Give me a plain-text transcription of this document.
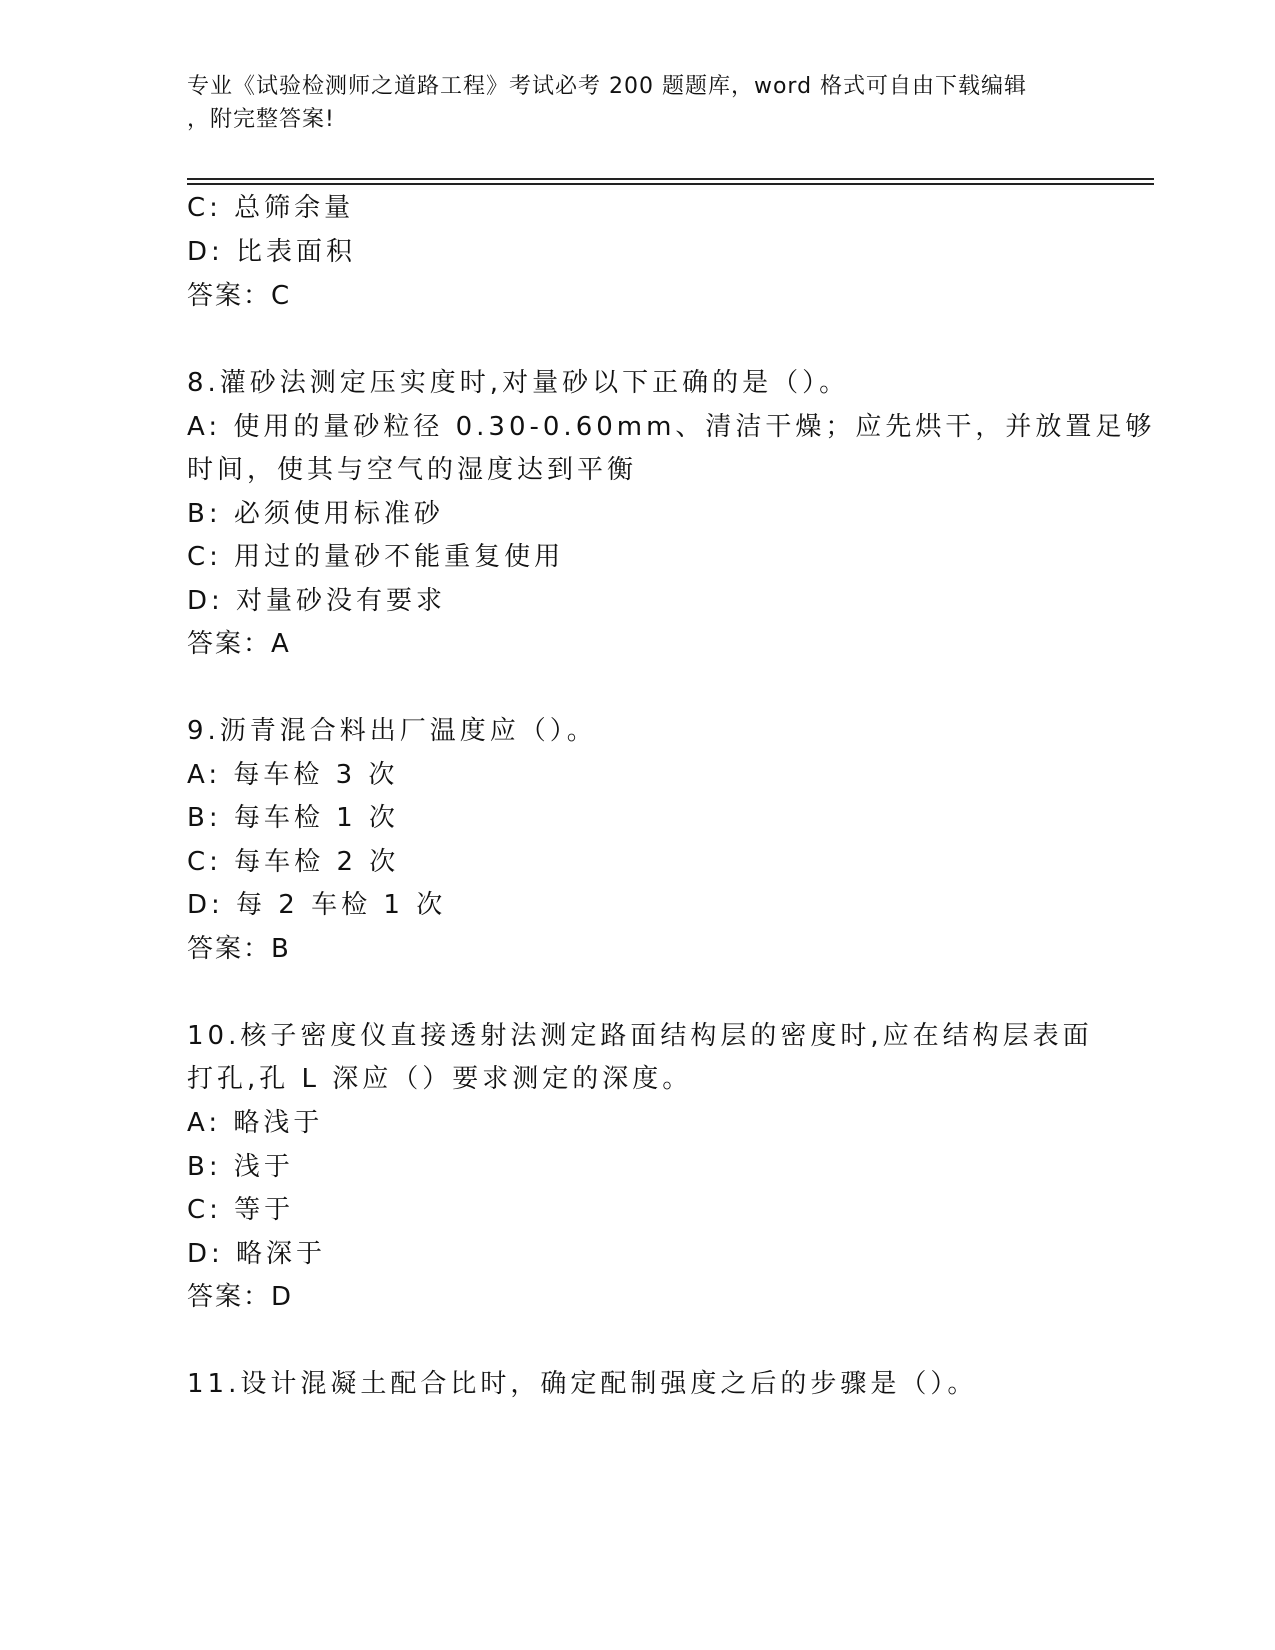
专业《试验检测师之道路工程》考试必考 200 题题库，word 格式可自由下载编辑
，附完整答案!
C: 总筛余量
D: 比表面积
答案：C
8.灌砂法测定压实度时,对量砂以下正确的是（）。
A: 使用的量砂粒径 0.30-0.60mm、清洁干燥；应先烘干，并放置足够
时间，使其与空气的湿度达到平衡
B: 必须使用标准砂
C: 用过的量砂不能重复使用
D: 对量砂没有要求
答案：A
9.沥青混合料出厂温度应（）。
A: 每车检 3 次
B: 每车检 1 次
C: 每车检 2 次
D: 每 2 车检 1 次
答案：B
10.核子密度仪直接透射法测定路面结构层的密度时,应在结构层表面
打孔,孔 L 深应（）要求测定的深度。
A: 略浅于
B: 浅于
C: 等于
D: 略深于
答案：D
11.设计混凝土配合比时，确定配制强度之后的步骤是（）。
